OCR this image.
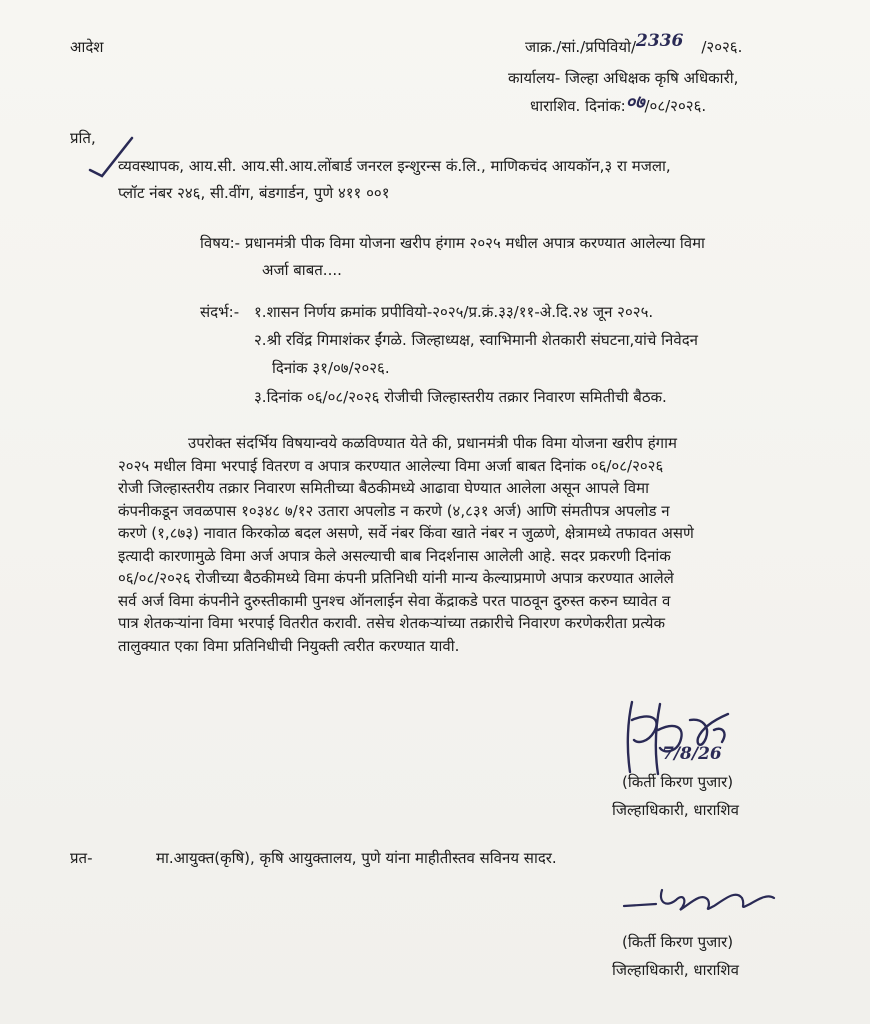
आदेश	जाक्र./सां./प्रपिवियो/2336 /२०२६.
कार्यालय- जिल्हा अधिक्षक कृषि अधिकारी,
धाराशिव. दिनांक:०७/०८/२०२६.
प्रति,
व्यवस्थापक, आय.सी. आय.सी.आय.लोंबार्ड जनरल इन्शुरन्स कं.लि., माणिकचंद आयकॉन,३ रा मजला,
प्लॉट नंबर २४६, सी.वींग, बंडगार्डन, पुणे ४११ ००१
विषय:- प्रधानमंत्री पीक विमा योजना खरीप हंगाम २०२५ मधील अपात्र करण्यात आलेल्या विमा
अर्जा बाबत....
संदर्भ:- १.शासन निर्णय क्रमांक प्रपीवियो-२०२५/प्र.क्रं.३३/११-अे.दि.२४ जून २०२५.
२.श्री रविंद्र गिमाशंकर ईंगळे. जिल्हाध्यक्ष, स्वाभिमानी शेतकारी संघटना,यांचे निवेदन
दिनांक ३१/०७/२०२६.
३.दिनांक ०६/०८/२०२६ रोजीची जिल्हास्तरीय तक्रार निवारण समितीची बैठक.
उपरोक्त संदर्भिय विषयान्वये कळविण्यात येते की, प्रधानमंत्री पीक विमा योजना खरीप हंगाम
२०२५ मधील विमा भरपाई वितरण व अपात्र करण्यात आलेल्या विमा अर्जा बाबत दिनांक ०६/०८/२०२६
रोजी जिल्हास्तरीय तक्रार निवारण समितीच्या बैठकीमध्ये आढावा घेण्यात आलेला असून आपले विमा
कंपनीकडून जवळपास १०३४८ ७/१२ उतारा अपलोड न करणे (४,८३१ अर्ज) आणि संमतीपत्र अपलोड न
करणे (१,८७३) नावात किरकोळ बदल असणे, सर्वे नंबर किंवा खाते नंबर न जुळणे, क्षेत्रामध्ये तफावत असणे
इत्यादी कारणामुळे विमा अर्ज अपात्र केले असल्याची बाब निदर्शनास आलेली आहे. सदर प्रकरणी दिनांक
०६/०८/२०२६ रोजीच्या बैठकीमध्ये विमा कंपनी प्रतिनिधी यांनी मान्य केल्याप्रमाणे अपात्र करण्यात आलेले
सर्व अर्ज विमा कंपनीने दुरुस्तीकामी पुनश्च ऑनलाईन सेवा केंद्राकडे परत पाठवून दुरुस्त करुन घ्यावेत व
पात्र शेतकऱ्यांना विमा भरपाई वितरीत करावी. तसेच शेतकऱ्यांच्या तक्रारीचे निवारण करणेकरीता प्रत्येक
तालुक्यात एका विमा प्रतिनिधीची नियुक्ती त्वरीत करण्यात यावी.
7/8/26
(किर्ती किरण पुजार)
जिल्हाधिकारी, धाराशिव
प्रत-	मा.आयुक्त(कृषि), कृषि आयुक्तालय, पुणे यांना माहीतीस्तव सविनय सादर.
(किर्ती किरण पुजार)
जिल्हाधिकारी, धाराशिव
